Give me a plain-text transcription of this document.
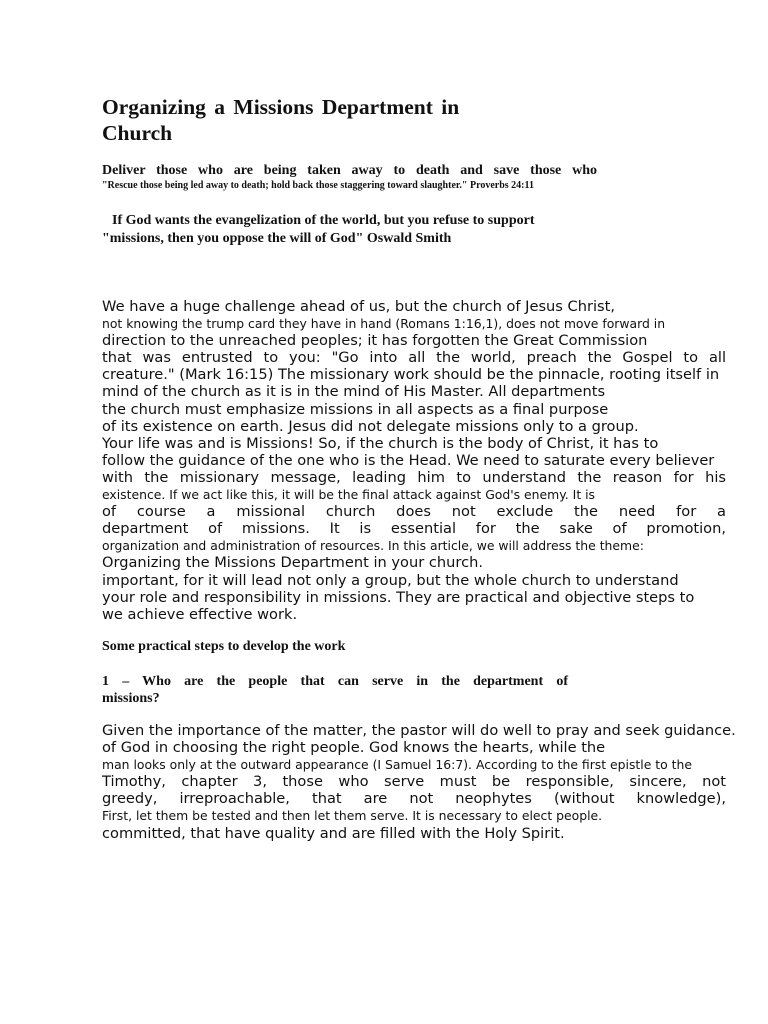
Organizing a Missions Department in
Church
Deliver those who are being taken away to death and save those who
"Rescue those being led away to death; hold back those staggering toward slaughter." Proverbs 24:11
If God wants the evangelization of the world, but you refuse to support
"missions, then you oppose the will of God" Oswald Smith
We have a huge challenge ahead of us, but the church of Jesus Christ,
not knowing the trump card they have in hand (Romans 1:16,1), does not move forward in
direction to the unreached peoples; it has forgotten the Great Commission
that was entrusted to you: "Go into all the world, preach the Gospel to all
creature." (Mark 16:15) The missionary work should be the pinnacle, rooting itself in
mind of the church as it is in the mind of His Master. All departments
the church must emphasize missions in all aspects as a final purpose
of its existence on earth. Jesus did not delegate missions only to a group.
Your life was and is Missions! So, if the church is the body of Christ, it has to
follow the guidance of the one who is the Head. We need to saturate every believer
with the missionary message, leading him to understand the reason for his
existence. If we act like this, it will be the final attack against God's enemy. It is
of course a missional church does not exclude the need for a
department of missions. It is essential for the sake of promotion,
organization and administration of resources. In this article, we will address the theme:
Organizing the Missions Department in your church.
important, for it will lead not only a group, but the whole church to understand
your role and responsibility in missions. They are practical and objective steps to
we achieve effective work.
Some practical steps to develop the work
1 – Who are the people that can serve in the department of
missions?
Given the importance of the matter, the pastor will do well to pray and seek guidance.
of God in choosing the right people. God knows the hearts, while the
man looks only at the outward appearance (I Samuel 16:7). According to the first epistle to the
Timothy, chapter 3, those who serve must be responsible, sincere, not
greedy, irreproachable, that are not neophytes (without knowledge),
First, let them be tested and then let them serve. It is necessary to elect people.
committed, that have quality and are filled with the Holy Spirit.
